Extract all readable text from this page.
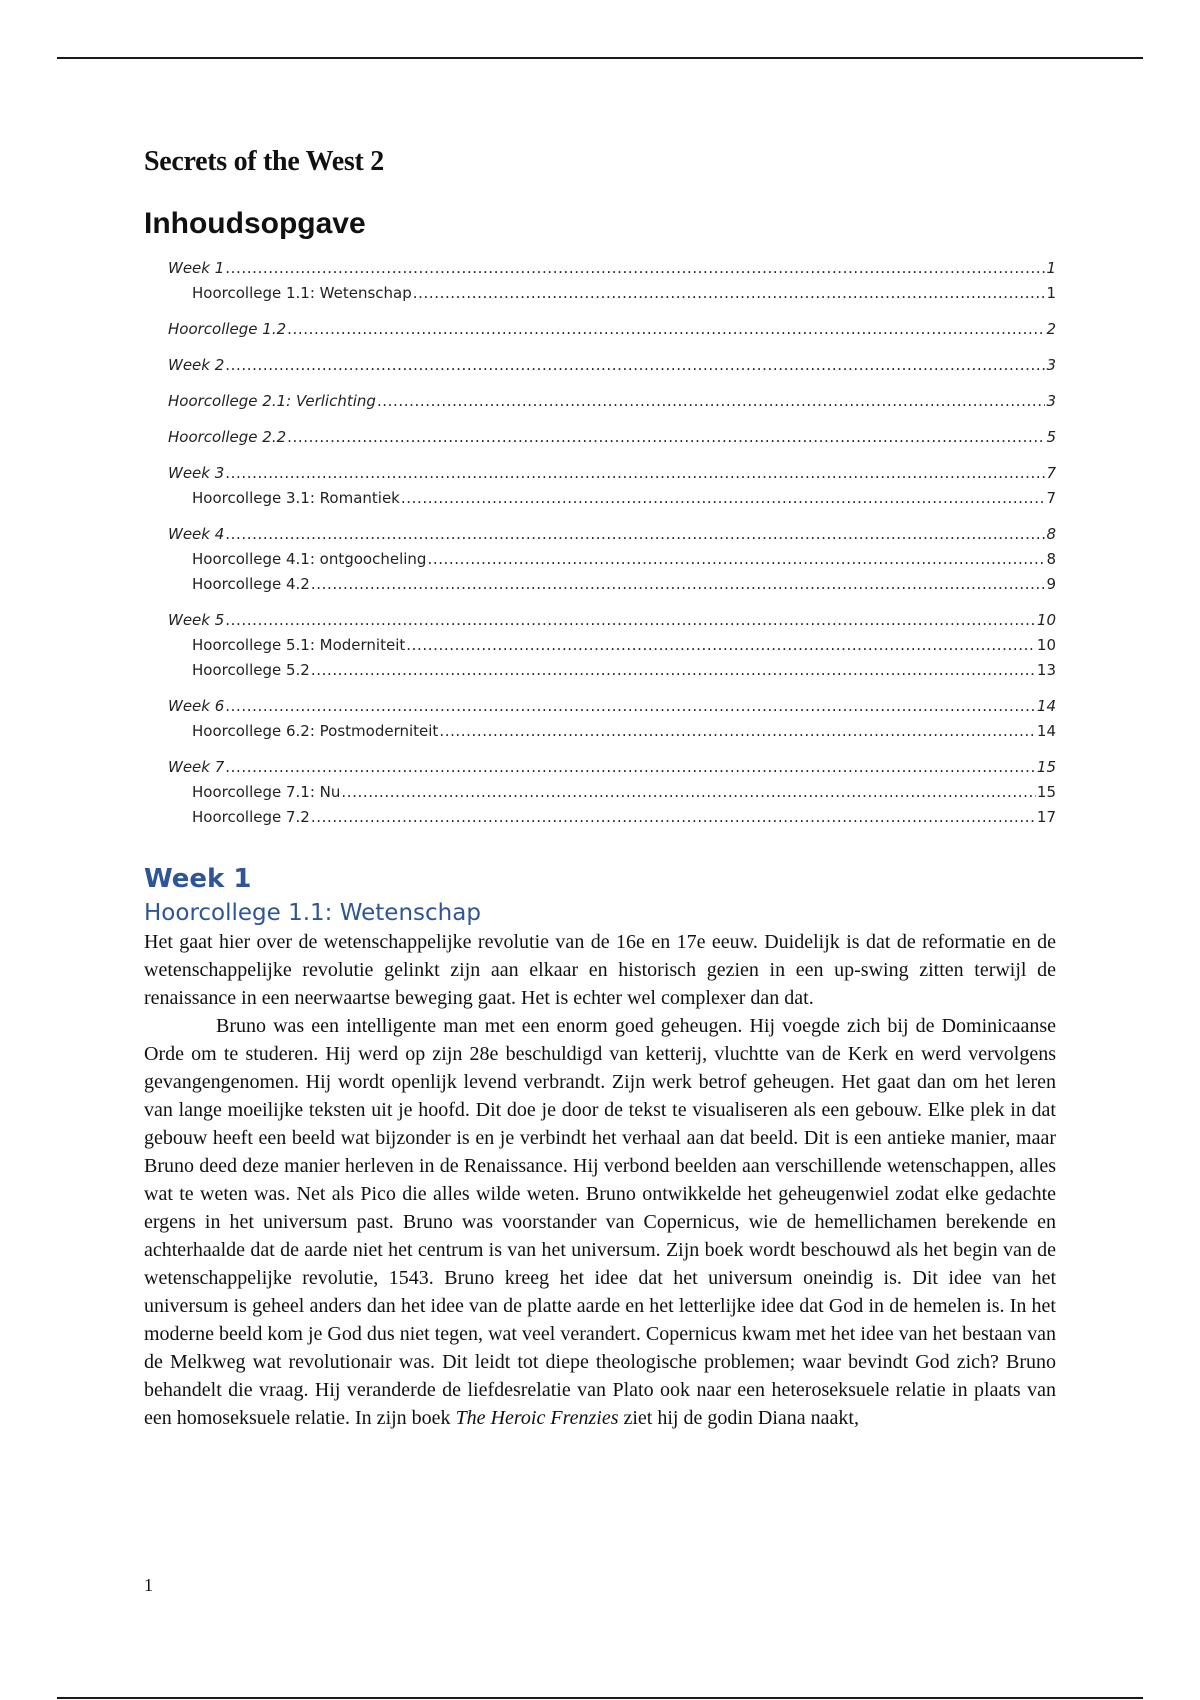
Secrets of the West 2
Inhoudsopgave
Week 1 .....	1
Hoorcollege 1.1: Wetenschap .....	1
Hoorcollege 1.2 .....	2
Week 2 .....	3
Hoorcollege 2.1: Verlichting .....	3
Hoorcollege 2.2 .....	5
Week 3 .....	7
Hoorcollege 3.1: Romantiek .....	7
Week 4 .....	8
Hoorcollege 4.1: ontgoocheling .....	8
Hoorcollege 4.2 .....	9
Week 5 .....	10
Hoorcollege 5.1: Moderniteit .....	10
Hoorcollege 5.2 .....	13
Week 6 .....	14
Hoorcollege 6.2: Postmoderniteit .....	14
Week 7 .....	15
Hoorcollege 7.1: Nu .....	15
Hoorcollege 7.2 .....	17
Week 1
Hoorcollege 1.1: Wetenschap

Het gaat hier over de wetenschappelijke revolutie van de 16e en 17e eeuw. Duidelijk is dat de reformatie en de wetenschappelijke revolutie gelinkt zijn aan elkaar en historisch gezien in een up-swing zitten terwijl de renaissance in een neerwaartse beweging gaat. Het is echter wel complexer dan dat.

Bruno was een intelligente man met een enorm goed geheugen. Hij voegde zich bij de Dominicaanse Orde om te studeren. Hij werd op zijn 28e beschuldigd van ketterij, vluchtte van de Kerk en werd vervolgens gevangengenomen. Hij wordt openlijk levend verbrandt. Zijn werk betrof geheugen. Het gaat dan om het leren van lange moeilijke teksten uit je hoofd. Dit doe je door de tekst te visualiseren als een gebouw. Elke plek in dat gebouw heeft een beeld wat bijzonder is en je verbindt het verhaal aan dat beeld. Dit is een antieke manier, maar Bruno deed deze manier herleven in de Renaissance. Hij verbond beelden aan verschillende wetenschappen, alles wat te weten was. Net als Pico die alles wilde weten. Bruno ontwikkelde het geheugenwiel zodat elke gedachte ergens in het universum past. Bruno was voorstander van Copernicus, wie de hemellichamen berekende en achterhaalde dat de aarde niet het centrum is van het universum. Zijn boek wordt beschouwd als het begin van de wetenschappelijke revolutie, 1543. Bruno kreeg het idee dat het universum oneindig is. Dit idee van het universum is geheel anders dan het idee van de platte aarde en het letterlijke idee dat God in de hemelen is. In het moderne beeld kom je God dus niet tegen, wat veel verandert. Copernicus kwam met het idee van het bestaan van de Melkweg wat revolutionair was. Dit leidt tot diepe theologische problemen; waar bevindt God zich? Bruno behandelt die vraag. Hij veranderde de liefdesrelatie van Plato ook naar een heteroseksuele relatie in plaats van een homoseksuele relatie. In zijn boek The Heroic Frenzies ziet hij de godin Diana naakt,

1
